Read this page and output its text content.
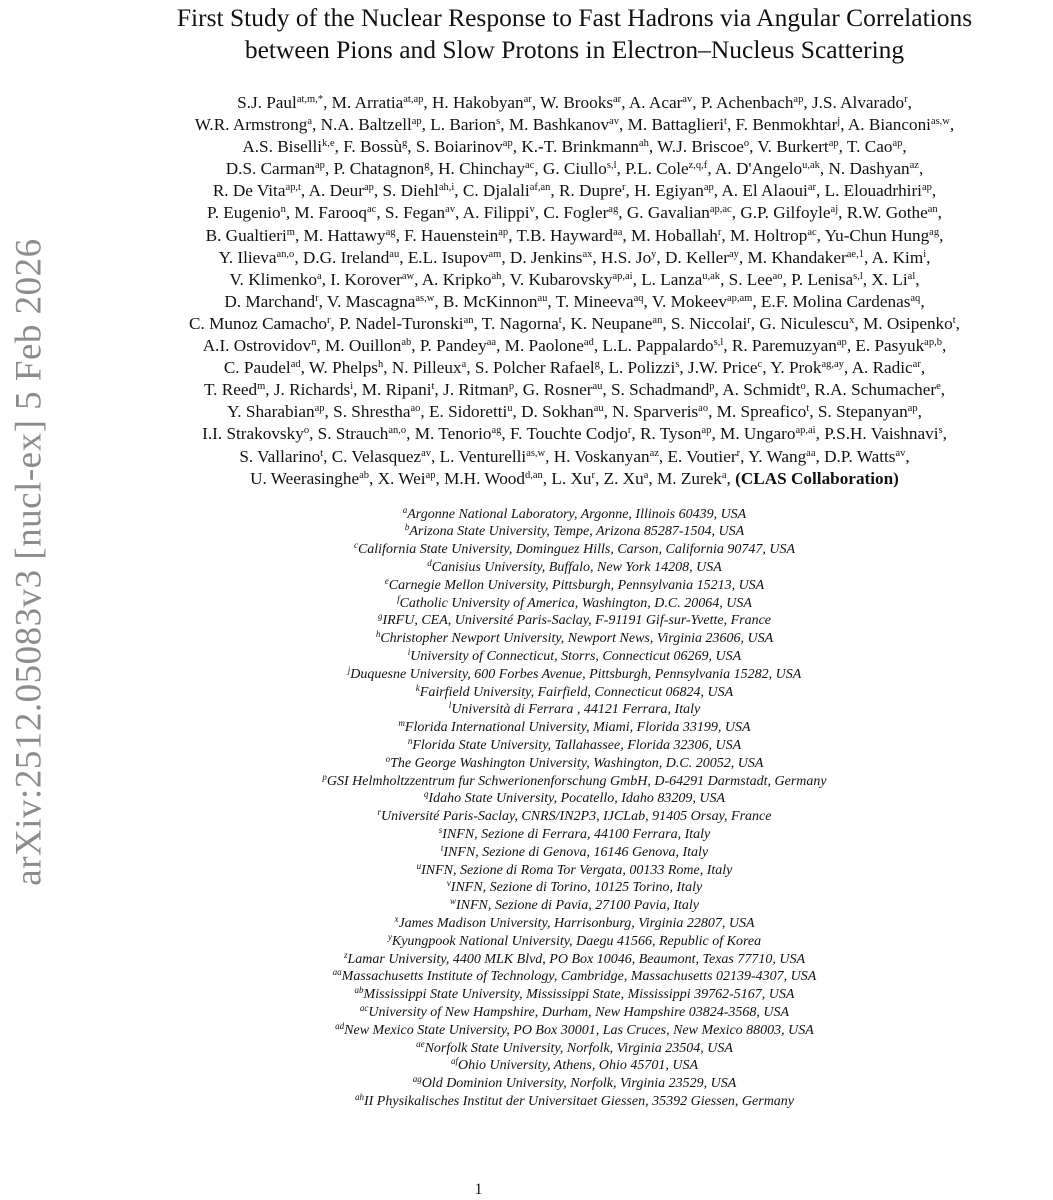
arXiv:2512.05083v3 [nucl-ex] 5 Feb 2026
First Study of the Nuclear Response to Fast Hadrons via Angular Correlations
between Pions and Slow Protons in Electron–Nucleus Scattering
S.J. Paul$^{at,m,*}$, M. Arratia$^{at,ap}$, H. Hakobyan$^{ar}$, W. Brooks$^{ar}$, A. Acar$^{av}$, P. Achenbach$^{ap}$, J.S. Alvarado$^r$,
W.R. Armstrong$^a$, N.A. Baltzell$^{ap}$, L. Barion$^s$, M. Bashkanov$^{av}$, M. Battaglieri$^t$, F. Benmokhtar$^j$, A. Bianconi$^{as,w}$,
A.S. Biselli$^{k,e}$, F. Bossù$^g$, S. Boiarinov$^{ap}$, K.-T. Brinkmann$^{ah}$, W.J. Briscoe$^o$, V. Burkert$^{ap}$, T. Cao$^{ap}$,
D.S. Carman$^{ap}$, P. Chatagnon$^g$, H. Chinchay$^{ac}$, G. Ciullo$^{s,l}$, P.L. Cole$^{z,q,f}$, A. D'Angelo$^{u,ak}$, N. Dashyan$^{az}$,
R. De Vita$^{ap,t}$, A. Deur$^{ap}$, S. Diehl$^{ah,i}$, C. Djalali$^{af,an}$, R. Dupre$^r$, H. Egiyan$^{ap}$, A. El Alaoui$^{ar}$, L. Elouadrhiri$^{ap}$,
P. Eugenio$^n$, M. Farooq$^{ac}$, S. Fegan$^{av}$, A. Filippi$^v$, C. Fogler$^{ag}$, G. Gavalian$^{ap,ac}$, G.P. Gilfoyle$^{aj}$, R.W. Gothe$^{an}$,
B. Gualtieri$^m$, M. Hattawy$^{ag}$, F. Hauenstein$^{ap}$, T.B. Hayward$^{aa}$, M. Hoballah$^r$, M. Holtrop$^{ac}$, Yu-Chun Hung$^{ag}$,
Y. Ilieva$^{an,o}$, D.G. Ireland$^{au}$, E.L. Isupov$^{am}$, D. Jenkins$^{ax}$, H.S. Jo$^y$, D. Keller$^{ay}$, M. Khandaker$^{ae,1}$, A. Kim$^i$,
V. Klimenko$^a$, I. Korover$^{aw}$, A. Kripko$^{ah}$, V. Kubarovsky$^{ap,ai}$, L. Lanza$^{u,ak}$, S. Lee$^{ao}$, P. Lenisa$^{s,l}$, X. $Li^{al}$,
D. Marchand$^r$, V. Mascagna$^{as,w}$, B. McKinnon$^{au}$, T. Mineeva$^{aq}$, V. Mokeev$^{ap,am}$, E.F. Molina Cardenas$^{aq}$,
C. Munoz Camacho$^r$, P. Nadel-Turonski$^{an}$, T. Nagorna$^t$, K. Neupane$^{an}$, S. Niccolai$^r$, G. Niculescu$^x$, M. Osipenko$^t$,
A.I. Ostrovidov$^n$, M. Ouillon$^{ab}$, P. Pandey$^{aa}$, M. Paolone$^{ad}$, L.L. Pappalardo$^{s,l}$, R. Paremuzyan$^{ap}$, E. Pasyuk$^{ap,b}$,
C. Paudel$^{ad}$, W. Phelps$^h$, N. Pilleux$^a$, S. Polcher Rafael$^g$, L. Polizzi$^s$, J.W. Price$^c$, Y. Prok$^{ag,ay}$, A. Radic$^{ar}$,
T. Reed$^m$, J. Richards$^i$, M. Ripani$^t$, J. Ritman$^p$, G. Rosner$^{au}$, S. Schadmand$^p$, A. Schmidt$^o$, R.A. Schumacher$^e$,
Y. Sharabian$^{ap}$, S. Shrestha$^{ao}$, E. Sidoretti$^u$, D. Sokhan$^{au}$, N. Sparveris$^{ao}$, M. Spreafico$^t$, S. Stepanyan$^{ap}$,
I.I. Strakovsky$^o$, S. Strauch$^{an,o}$, M. Tenorio$^{ag}$, F. Touchte Codjo$^r$, R. Tyson$^{ap}$, M. Ungaro$^{ap,ai}$, P.S.H. Vaishnavi$^s$,
S. Vallarino$^t$, C. Velasquez$^{av}$, L. Venturelli$^{as,w}$, H. Voskanyan$^{az}$, E. Voutier$^r$, Y. Wang$^{aa}$, D.P. Watts$^{av}$,
U. Weerasinghe$^{ab}$, X. Wei$^{ap}$, M.H. Wood$^{d,an}$, L. Xu$^r$, Z. Xu$^a$, M. Zurek$^a$, (CLAS Collaboration)
$^a$Argonne National Laboratory, Argonne, Illinois 60439, USA
$^b$Arizona State University, Tempe, Arizona 85287-1504, USA
$^c$California State University, Dominguez Hills, Carson, California 90747, USA
$^d$Canisius University, Buffalo, New York 14208, USA
$^e$Carnegie Mellon University, Pittsburgh, Pennsylvania 15213, USA
$^f$Catholic University of America, Washington, D.C. 20064, USA
$^g$IRFU, CEA, Université Paris-Saclay, F-91191 Gif-sur-Yvette, France
$^h$Christopher Newport University, Newport News, Virginia 23606, USA
$^i$University of Connecticut, Storrs, Connecticut 06269, USA
$^j$Duquesne University, 600 Forbes Avenue, Pittsburgh, Pennsylvania 15282, USA
$^k$Fairfield University, Fairfield, Connecticut 06824, USA
$^l$Università di Ferrara , 44121 Ferrara, Italy
$^m$Florida International University, Miami, Florida 33199, USA
$^n$Florida State University, Tallahassee, Florida 32306, USA
$^o$The George Washington University, Washington, D.C. 20052, USA
$^p$GSI Helmholtzzentrum fur Schwerionenforschung GmbH, D-64291 Darmstadt, Germany
$^q$Idaho State University, Pocatello, Idaho 83209, USA
$^r$Université Paris-Saclay, CNRS/IN2P3, IJCLab, 91405 Orsay, France
$^s$INFN, Sezione di Ferrara, 44100 Ferrara, Italy
$^t$INFN, Sezione di Genova, 16146 Genova, Italy
$^u$INFN, Sezione di Roma Tor Vergata, 00133 Rome, Italy
$^v$INFN, Sezione di Torino, 10125 Torino, Italy
$^w$INFN, Sezione di Pavia, 27100 Pavia, Italy
$^x$James Madison University, Harrisonburg, Virginia 22807, USA
$^y$Kyungpook National University, Daegu 41566, Republic of Korea
$^z$Lamar University, 4400 MLK Blvd, PO Box 10046, Beaumont, Texas 77710, USA
$^{aa}$Massachusetts Institute of Technology, Cambridge, Massachusetts 02139-4307, USA
$^{ab}$Mississippi State University, Mississippi State, Mississippi 39762-5167, USA
$^{ac}$University of New Hampshire, Durham, New Hampshire 03824-3568, USA
$^{ad}$New Mexico State University, PO Box 30001, Las Cruces, New Mexico 88003, USA
$^{ae}$Norfolk State University, Norfolk, Virginia 23504, USA
$^{af}$Ohio University, Athens, Ohio 45701, USA
$^{ag}$Old Dominion University, Norfolk, Virginia 23529, USA
$^{ah}$II Physikalisches Institut der Universitaet Giessen, 35392 Giessen, Germany
1
